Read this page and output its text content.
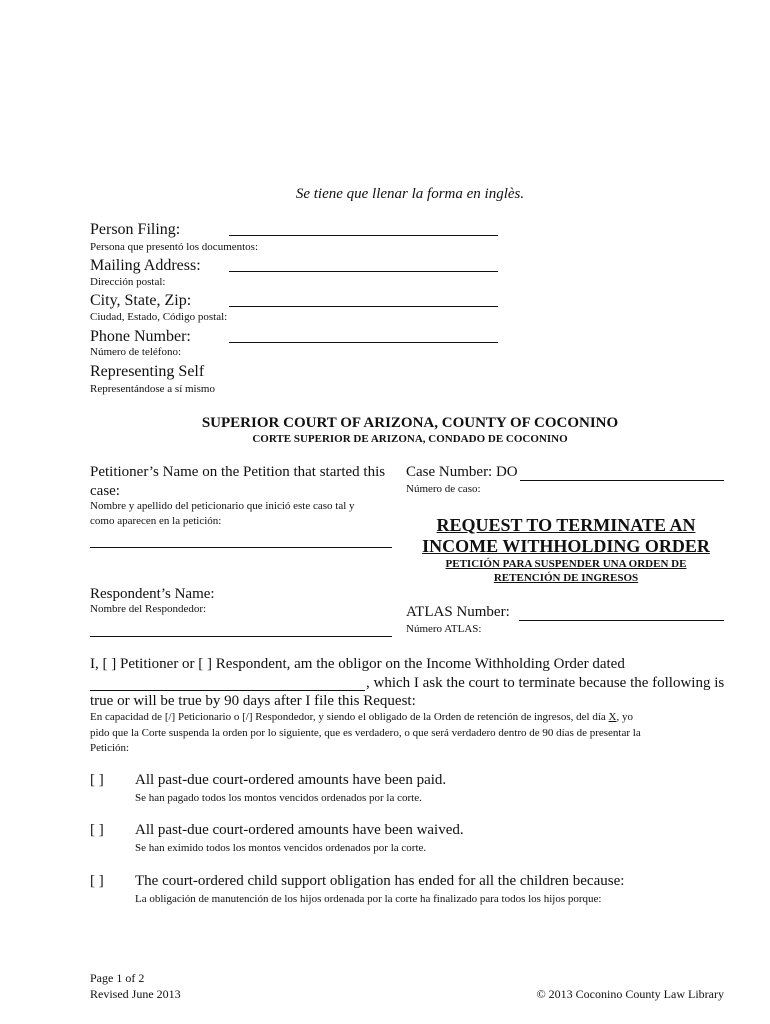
Se tiene que llenar la forma en inglès.
Person Filing:
Persona que presentó los documentos:
Mailing Address:
Dirección postal:
City, State, Zip:
Ciudad, Estado, Código postal:
Phone Number:
Número de teléfono:
Representing Self
Representándose a sí mismo
SUPERIOR COURT OF ARIZONA, COUNTY OF COCONINO
CORTE SUPERIOR DE ARIZONA, CONDADO DE COCONINO
Petitioner’s Name on the Petition that started this
case:
Nombre y apellido del peticionario que inició este caso tal y
como aparecen en la petición:
Respondent’s Name:
Nombre del Respondedor:
Case Number: DO
Número de caso:
REQUEST TO TERMINATE AN
INCOME WITHHOLDING ORDER
PETICIÓN PARA SUSPENDER UNA ORDEN DE
RETENCIÓN DE INGRESOS
ATLAS Number:
Número ATLAS:
I, [ ] Petitioner or [ ] Respondent, am the obligor on the Income Withholding Order dated
, which I ask the court to terminate because the following is
true or will be true by 90 days after I file this Request:
En capacidad de [/] Peticionario o [/] Respondedor, y siendo el obligado de la Orden de retención de ingresos, del día X, yo
pido que la Corte suspenda la orden por lo siguiente, que es verdadero, o que será verdadero dentro de 90 días de presentar la
Petición:
[ ] All past-due court-ordered amounts have been paid.
Se han pagado todos los montos vencidos ordenados por la corte.
[ ] All past-due court-ordered amounts have been waived.
Se han eximido todos los montos vencidos ordenados por la corte.
[ ] The court-ordered child support obligation has ended for all the children because:
La obligación de manutención de los hijos ordenada por la corte ha finalizado para todos los hijos porque:
Page 1 of 2
Revised June 2013	© 2013 Coconino County Law Library
